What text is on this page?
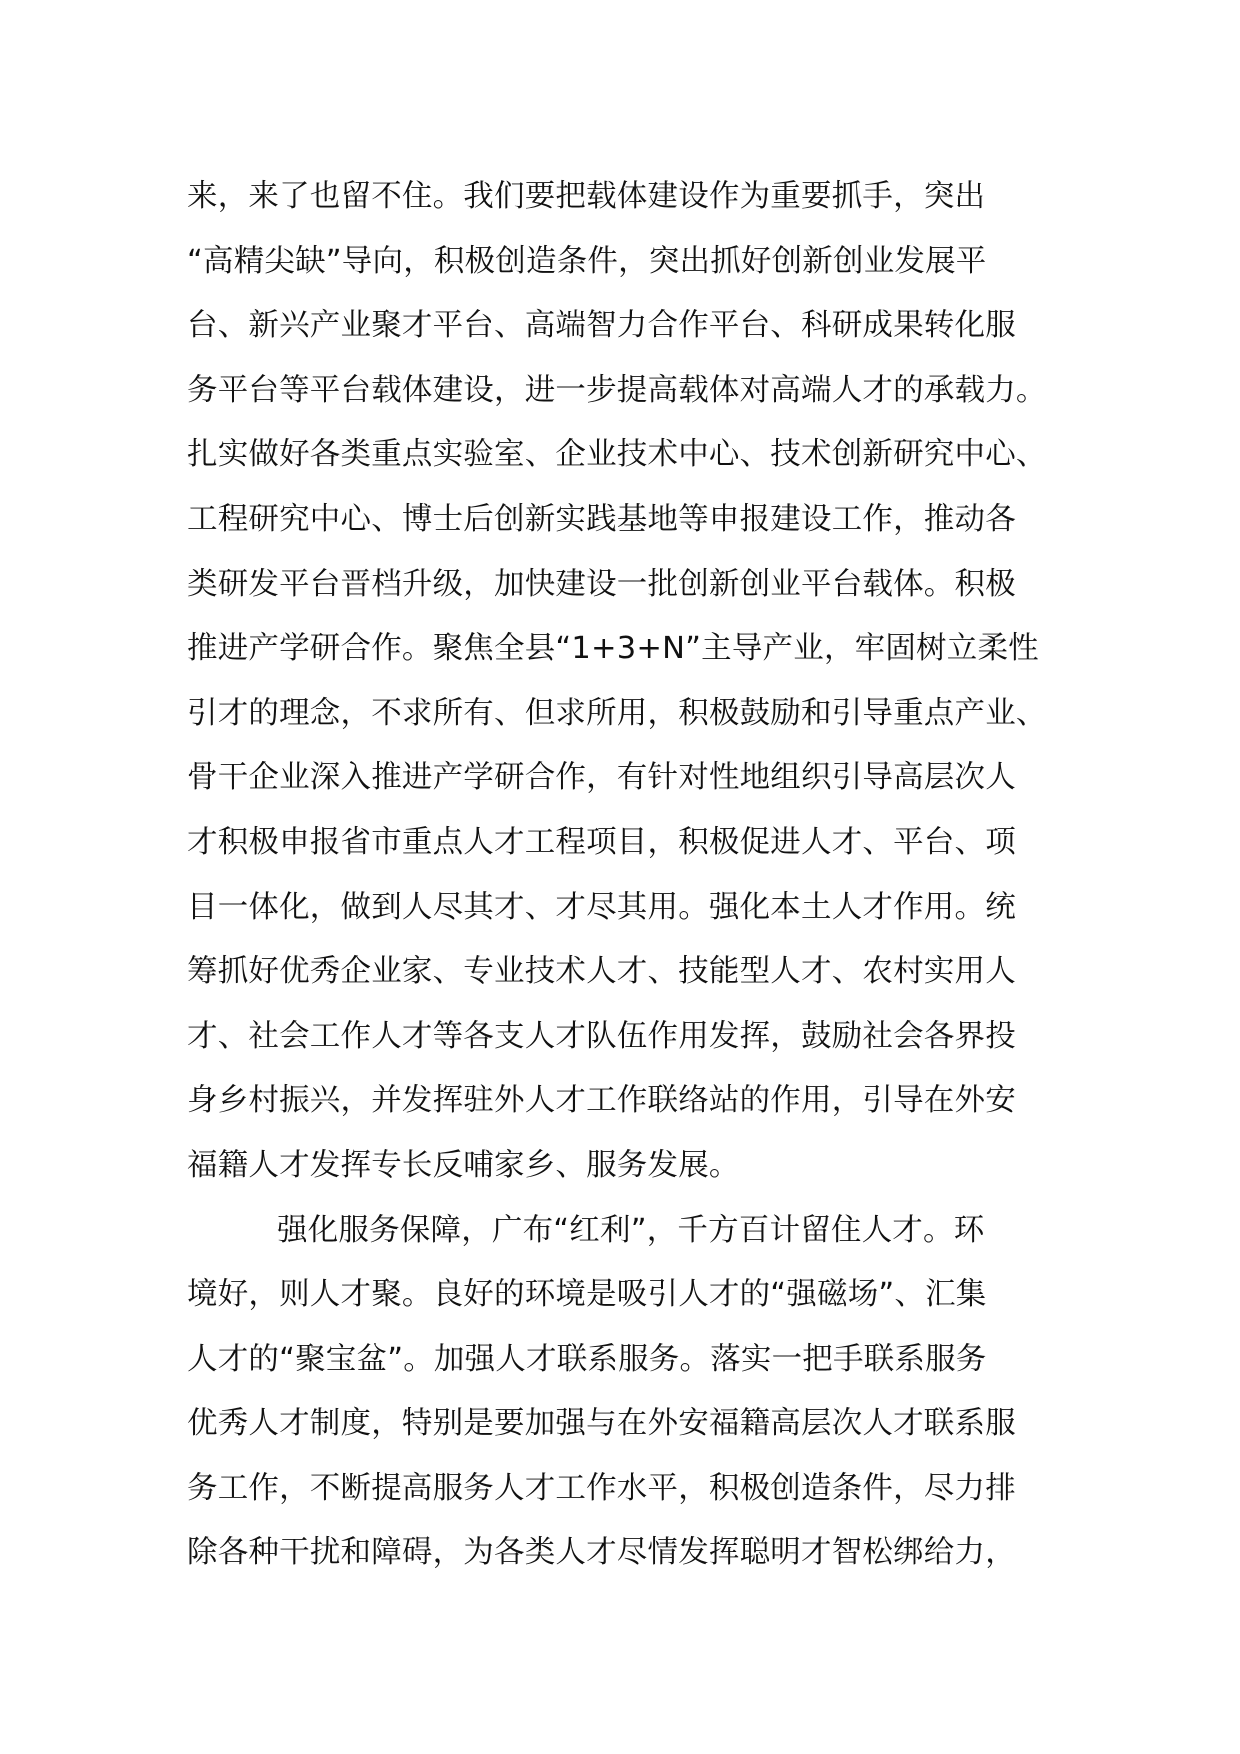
来，来了也留不住。我们要把载体建设作为重要抓手，突出
“高精尖缺”导向，积极创造条件，突出抓好创新创业发展平
台、新兴产业聚才平台、高端智力合作平台、科研成果转化服
务平台等平台载体建设，进一步提高载体对高端人才的承载力。
扎实做好各类重点实验室、企业技术中心、技术创新研究中心、
工程研究中心、博士后创新实践基地等申报建设工作，推动各
类研发平台晋档升级，加快建设一批创新创业平台载体。积极
推进产学研合作。聚焦全县“1+3+N”主导产业，牢固树立柔性
引才的理念，不求所有、但求所用，积极鼓励和引导重点产业、
骨干企业深入推进产学研合作，有针对性地组织引导高层次人
才积极申报省市重点人才工程项目，积极促进人才、平台、项
目一体化，做到人尽其才、才尽其用。强化本土人才作用。统
筹抓好优秀企业家、专业技术人才、技能型人才、农村实用人
才、社会工作人才等各支人才队伍作用发挥，鼓励社会各界投
身乡村振兴，并发挥驻外人才工作联络站的作用，引导在外安
福籍人才发挥专长反哺家乡、服务发展。
强化服务保障，广布“红利”，千方百计留住人才。环
境好，则人才聚。良好的环境是吸引人才的“强磁场”、汇集
人才的“聚宝盆”。加强人才联系服务。落实一把手联系服务
优秀人才制度，特别是要加强与在外安福籍高层次人才联系服
务工作，不断提高服务人才工作水平，积极创造条件，尽力排
除各种干扰和障碍，为各类人才尽情发挥聪明才智松绑给力，
